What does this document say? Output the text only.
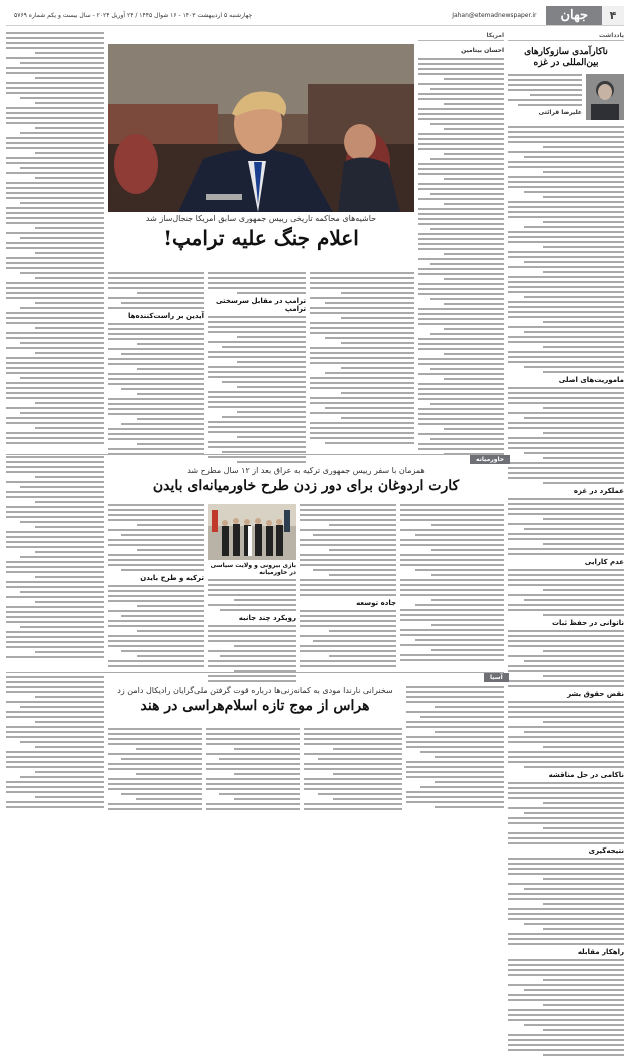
۴
جهان
Jahan@etemadnewspaper.ir
چهارشنبه ۵ اردیبهشت ۱۴۰۳ - ۱۶ شوال ۱۴۴۵ / ۲۴ آوریل ۲۰۲۴ - سال بیست و یکم شماره ۵۷۶۹
یادداشت
ناکارآمدی سازوکارهای بین‌المللی در غزه
علیرضا قرائتی
ماموریت‌های اصلی
عملکرد در غزه
عدم کارایی
ناتوانی در حفظ ثبات
نقض حقوق بشر
ناکامی در حل مناقشه
نتیجه‌گیری
راهکار مقابله
امریکا
احسان بیتامین
حاشیه‌های محاکمه تاریخی رییس جمهوری سابق امریکا جنجال‌ساز شد
اعلام جنگ علیه ترامپ!
ترامپ در مقابل سرسختی ترامپ
آیدین بر راست‌کننده‌ها
خاورمیانه
همزمان با سفر رییس جمهوری ترکیه به عراق بعد از ۱۲ سال مطرح شد
کارت اردوغان برای دور زدن طرح خاورمیانه‌ای بایدن
جاده توسعه
بازی بیرونی و ولایت سیاسی در خاورمیانه
رویکرد چند جانبه
ترکیه و طرح بایدن
آسیا
سخنرانی نارندا مودی به کمانه‌زنی‌ها درباره قوت گرفتن ملی‌گرایان رادیکال دامن زد
هراس از موج تازه اسلام‌هراسی در هند
